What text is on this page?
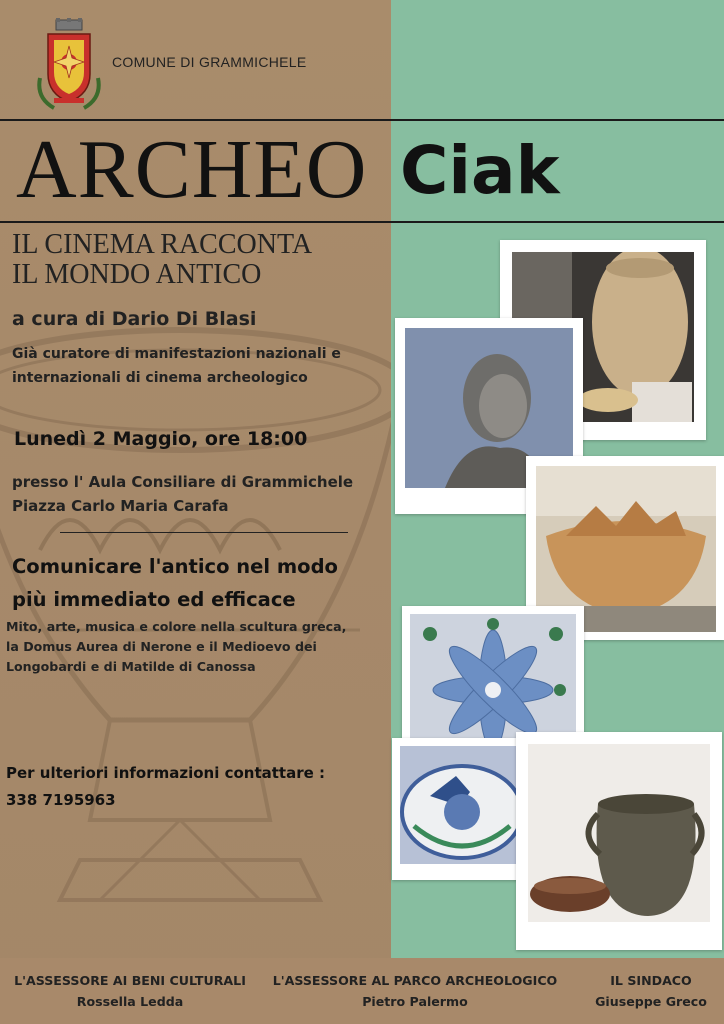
COMUNE DI GRAMMICHELE
ARCHEO Ciak
IL CINEMA RACCONTA
IL MONDO ANTICO
a cura di Dario Di Blasi
Già curatore di manifestazioni nazionali e
internazionali di cinema archeologico
Lunedì 2 Maggio, ore 18:00
presso l' Aula Consiliare di Grammichele
Piazza Carlo Maria Carafa
Comunicare l'antico nel modo
più immediato ed efficace
Mito, arte, musica e colore nella scultura greca,
la Domus Aurea di Nerone e il Medioevo dei
Longobardi e di Matilde di Canossa
Per ulteriori informazioni contattare :
338 7195963
L'ASSESSORE AI BENI CULTURALI
Rossella Ledda
L'ASSESSORE AL PARCO ARCHEOLOGICO
Pietro Palermo
IL SINDACO
Giuseppe Greco
